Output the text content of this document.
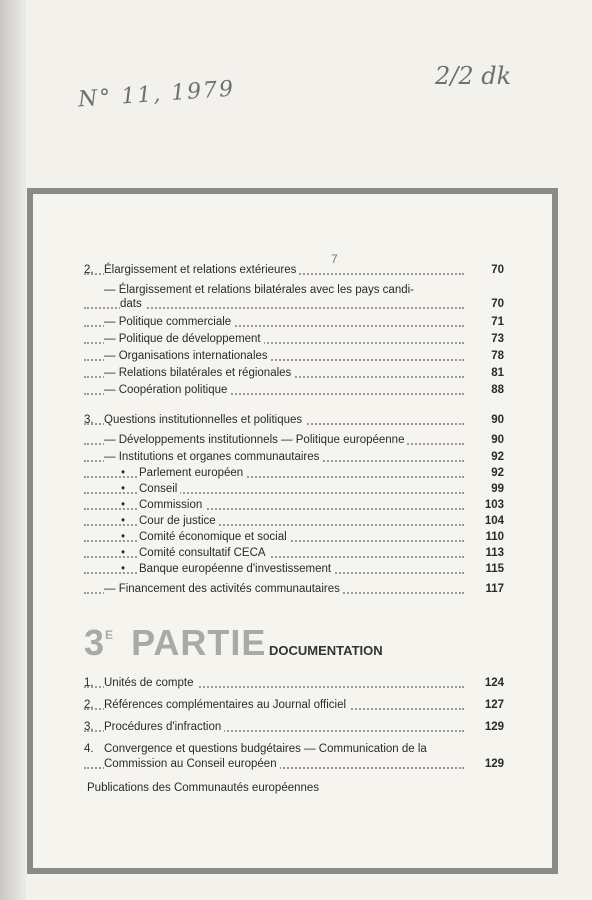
N° 11, 1979
2/2 dk
7
2. Élargissement et relations extérieures	70
— Élargissement et relations bilatérales avec les pays candi-
dats	70
— Politique commerciale	71
— Politique de développement	73
— Organisations internationales	78
— Relations bilatérales et régionales	81
— Coopération politique	88
3. Questions institutionnelles et politiques	90
— Développements institutionnels — Politique européenne	90
— Institutions et organes communautaires	92
• Parlement européen	92
• Conseil	99
• Commission	103
• Cour de justice	104
• Comité économique et social	110
• Comité consultatif CECA	113
• Banque européenne d'investissement	115
— Financement des activités communautaires	117
1. Unités de compte	124
2. Références complémentaires au Journal officiel	127
3. Procédures d'infraction	129
4. Convergence et questions budgétaires — Communication de la
Commission au Conseil européen	129
$3^E$ PARTIE DOCUMENTATION
Publications des Communautés européennes
